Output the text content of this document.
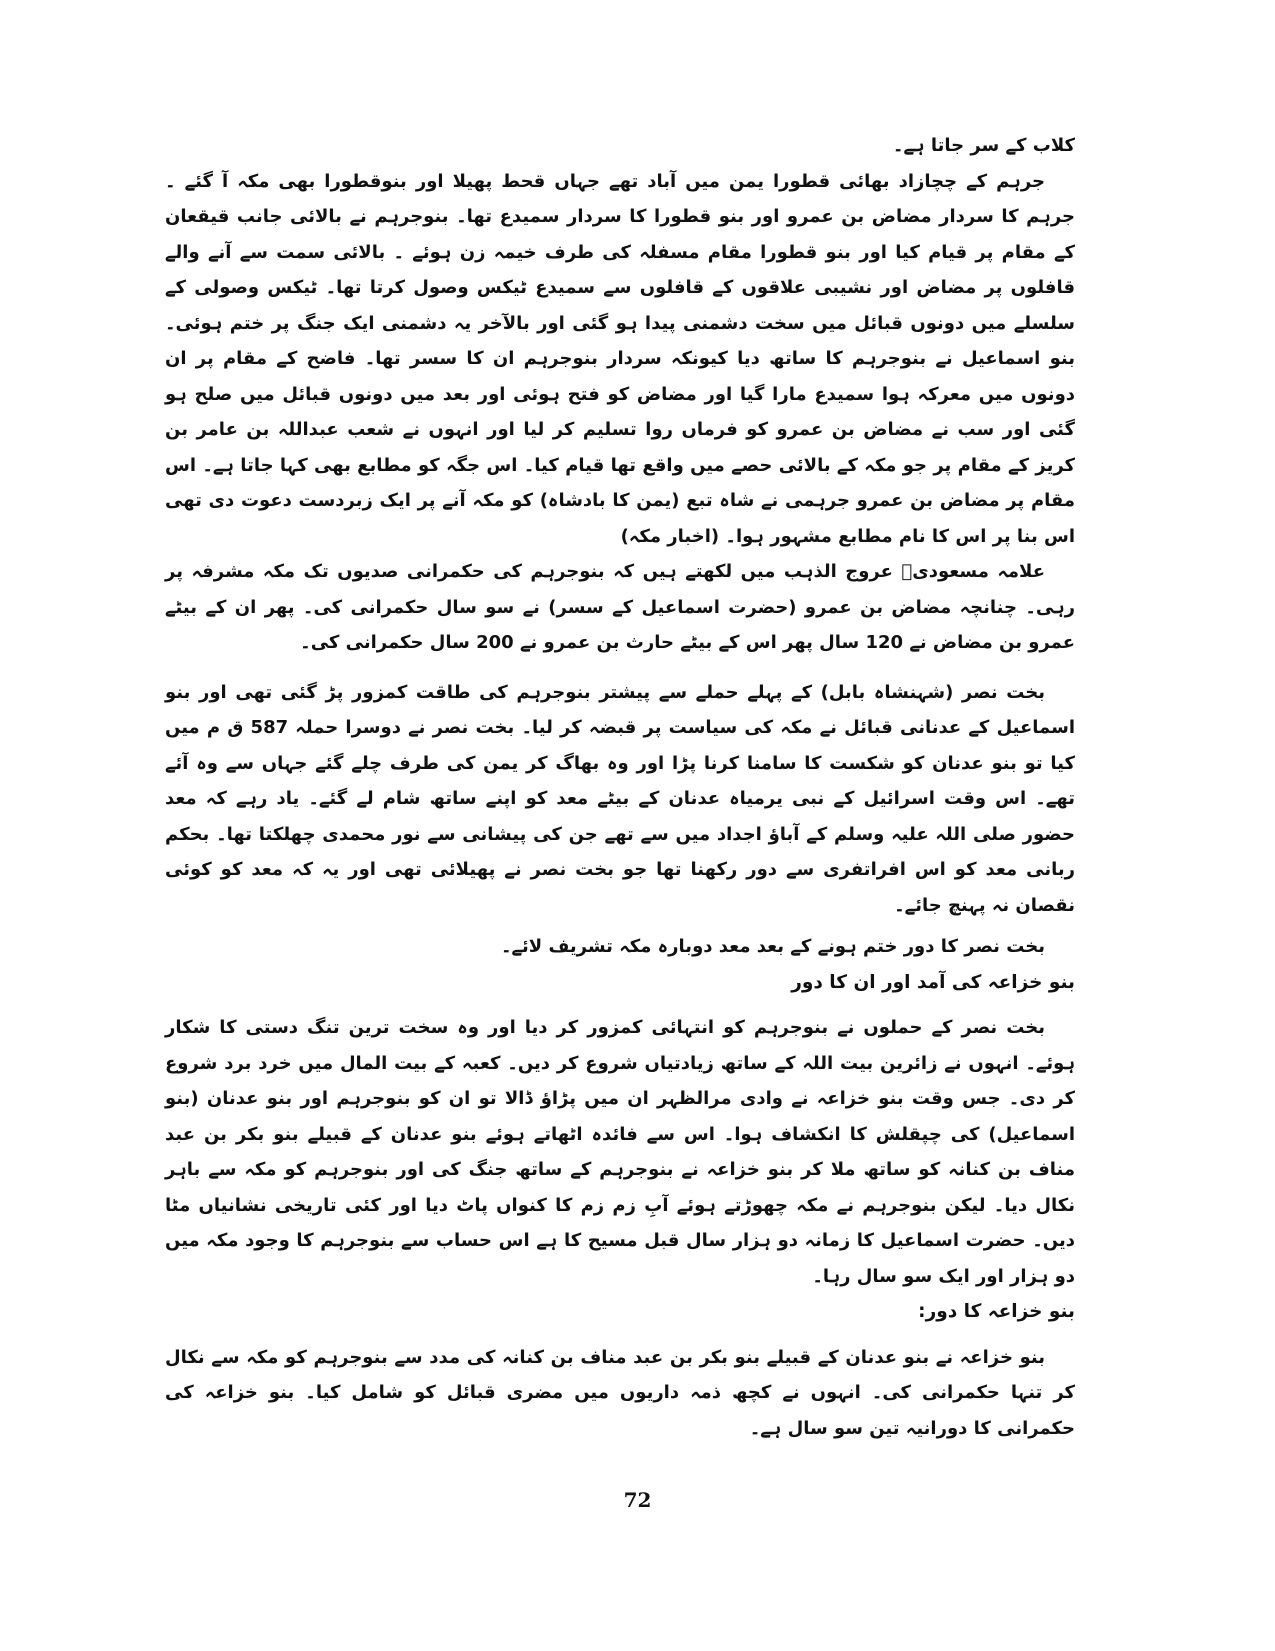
کلاب کے سر جاتا ہے۔

جرہم کے چچازاد بھائی قطورا یمن میں آباد تھے جہاں قحط پھیلا اور بنوقطورا بھی مکہ آ گئے ۔ جرہم کا سردار مضاض بن عمرو اور بنو قطورا کا سردار سمیدع تھا۔ بنوجرہم نے بالائی جانب قیقعان کے مقام پر قیام کیا اور بنو قطورا مقام مسفلہ کی طرف خیمہ زن ہوئے ۔ بالائی سمت سے آنے والے قافلوں پر مضاض اور نشیبی علاقوں کے قافلوں سے سمیدع ٹیکس وصول کرتا تھا۔ ٹیکس وصولی کے سلسلے میں دونوں قبائل میں سخت دشمنی پیدا ہو گئی اور بالآخر یہ دشمنی ایک جنگ پر ختم ہوئی۔ بنو اسماعیل نے بنوجرہم کا ساتھ دیا کیونکہ سردار بنوجرہم ان کا سسر تھا۔ فاضح کے مقام پر ان دونوں میں معرکہ ہوا سمیدع مارا گیا اور مضاض کو فتح ہوئی اور بعد میں دونوں قبائل میں صلح ہو گئی اور سب نے مضاض بن عمرو کو فرماں روا تسلیم کر لیا اور انہوں نے شعب عبداللہ بن عامر بن کریز کے مقام پر جو مکہ کے بالائی حصے میں واقع تھا قیام کیا۔ اس جگہ کو مطابع بھی کہا جاتا ہے۔ اس مقام پر مضاض بن عمرو جرہمی نے شاہ تبع (یمن کا بادشاہ) کو مکہ آنے پر ایک زبردست دعوت دی تھی اس بنا پر اس کا نام مطابع مشہور ہوا۔ (اخبار مکہ)

علامہ مسعودیؒ عروج الذہب میں لکھتے ہیں کہ بنوجرہم کی حکمرانی صدیوں تک مکہ مشرفہ پر رہی۔ چنانچہ مضاض بن عمرو (حضرت اسماعیل کے سسر) نے سو سال حکمرانی کی۔ پھر ان کے بیٹے عمرو بن مضاض نے 120 سال پھر اس کے بیٹے حارث بن عمرو نے 200 سال حکمرانی کی۔

بخت نصر (شہنشاہ بابل) کے پہلے حملے سے پیشتر بنوجرہم کی طاقت کمزور پڑ گئی تھی اور بنو اسماعیل کے عدنانی قبائل نے مکہ کی سیاست پر قبضہ کر لیا۔ بخت نصر نے دوسرا حملہ 587 ق م میں کیا تو بنو عدنان کو شکست کا سامنا کرنا پڑا اور وہ بھاگ کر یمن کی طرف چلے گئے جہاں سے وہ آئے تھے۔ اس وقت اسرائیل کے نبی یرمیاہ عدنان کے بیٹے معد کو اپنے ساتھ شام لے گئے۔ یاد رہے کہ معد حضور صلی اللہ علیہ وسلم کے آباؤ اجداد میں سے تھے جن کی پیشانی سے نور محمدی چھلکتا تھا۔ بحکم ربانی معد کو اس افراتفری سے دور رکھنا تھا جو بخت نصر نے پھیلائی تھی اور یہ کہ معد کو کوئی نقصان نہ پہنچ جائے۔

بخت نصر کا دور ختم ہونے کے بعد معد دوبارہ مکہ تشریف لائے۔

بنو خزاعہ کی آمد اور ان کا دور

بخت نصر کے حملوں نے بنوجرہم کو انتہائی کمزور کر دیا اور وہ سخت ترین تنگ دستی کا شکار ہوئے۔ انہوں نے زائرین بیت اللہ کے ساتھ زیادتیاں شروع کر دیں۔ کعبہ کے بیت المال میں خرد برد شروع کر دی۔ جس وقت بنو خزاعہ نے وادی مرالظہر ان میں پڑاؤ ڈالا تو ان کو بنوجرہم اور بنو عدنان (بنو اسماعیل) کی چپقلش کا انکشاف ہوا۔ اس سے فائدہ اٹھاتے ہوئے بنو عدنان کے قبیلے بنو بکر بن عبد مناف بن کنانہ کو ساتھ ملا کر بنو خزاعہ نے بنوجرہم کے ساتھ جنگ کی اور بنوجرہم کو مکہ سے باہر نکال دیا۔ لیکن بنوجرہم نے مکہ چھوڑتے ہوئے آبِ زم زم کا کنواں پاٹ دیا اور کئی تاریخی نشانیاں مٹا دیں۔ حضرت اسماعیل کا زمانہ دو ہزار سال قبل مسیح کا ہے اس حساب سے بنوجرہم کا وجود مکہ میں دو ہزار اور ایک سو سال رہا۔

بنو خزاعہ کا دور:

بنو خزاعہ نے بنو عدنان کے قبیلے بنو بکر بن عبد مناف بن کنانہ کی مدد سے بنوجرہم کو مکہ سے نکال کر تنہا حکمرانی کی۔ انہوں نے کچھ ذمہ داریوں میں مضری قبائل کو شامل کیا۔ بنو خزاعہ کی حکمرانی کا دورانیہ تین سو سال ہے۔

72
